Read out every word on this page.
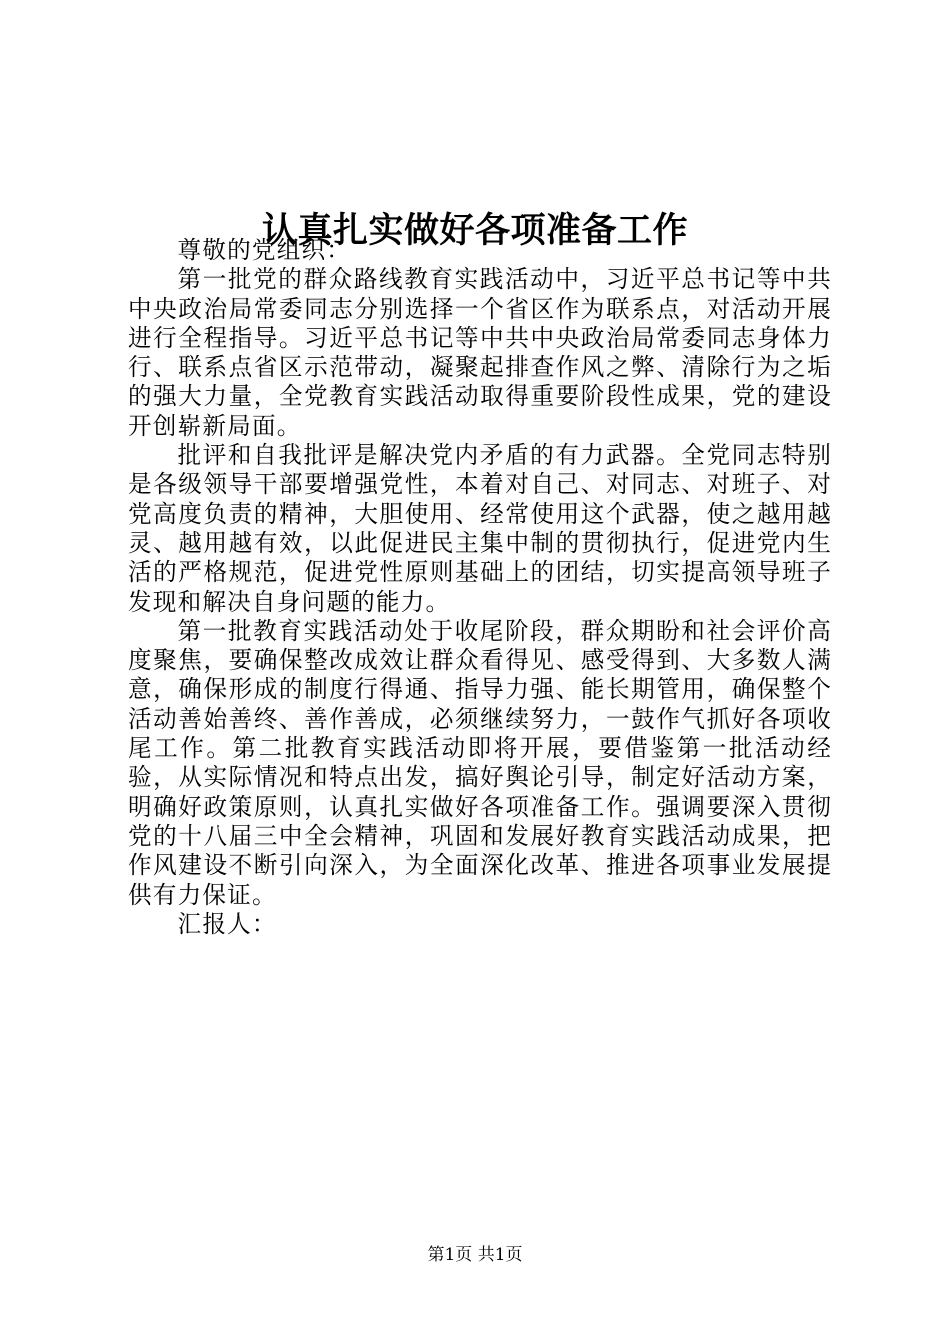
认真扎实做好各项准备工作

尊敬的党组织：

第一批党的群众路线教育实践活动中，习近平总书记等中共中央政治局常委同志分别选择一个省区作为联系点，对活动开展进行全程指导。习近平总书记等中共中央政治局常委同志身体力行、联系点省区示范带动，凝聚起排查作风之弊、清除行为之垢的强大力量，全党教育实践活动取得重要阶段性成果，党的建设开创崭新局面。

批评和自我批评是解决党内矛盾的有力武器。全党同志特别是各级领导干部要增强党性，本着对自己、对同志、对班子、对党高度负责的精神，大胆使用、经常使用这个武器，使之越用越灵、越用越有效，以此促进民主集中制的贯彻执行，促进党内生活的严格规范，促进党性原则基础上的团结，切实提高领导班子发现和解决自身问题的能力。

第一批教育实践活动处于收尾阶段，群众期盼和社会评价高度聚焦，要确保整改成效让群众看得见、感受得到、大多数人满意，确保形成的制度行得通、指导力强、能长期管用，确保整个活动善始善终、善作善成，必须继续努力，一鼓作气抓好各项收尾工作。第二批教育实践活动即将开展，要借鉴第一批活动经验，从实际情况和特点出发，搞好舆论引导，制定好活动方案，明确好政策原则，认真扎实做好各项准备工作。强调要深入贯彻党的十八届三中全会精神，巩固和发展好教育实践活动成果，把作风建设不断引向深入，为全面深化改革、推进各项事业发展提供有力保证。

汇报人：

第1页 共1页
